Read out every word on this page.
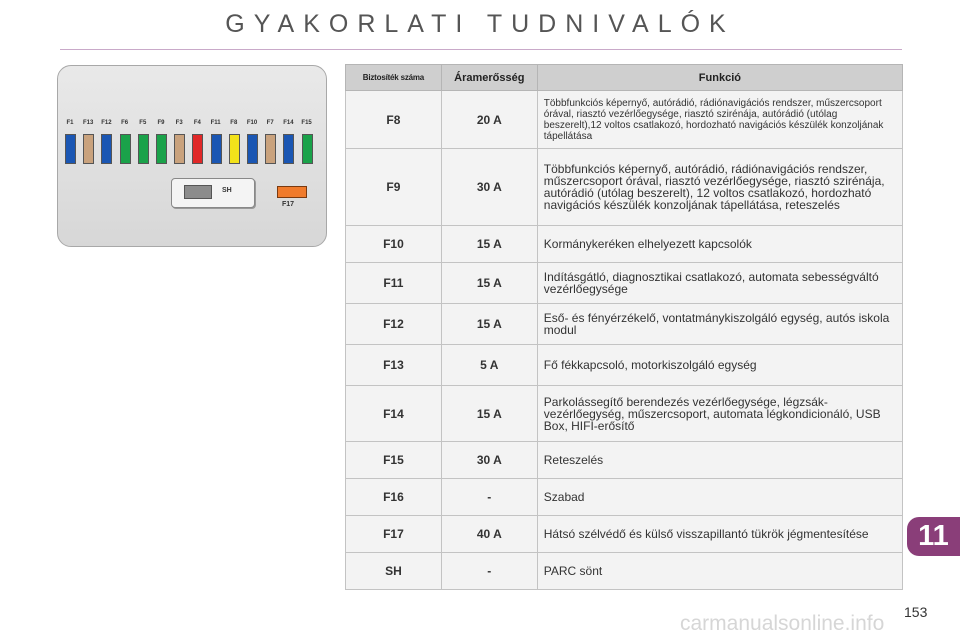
GYAKORLATI TUDNIVALÓK
SH
F17
F1	F13	F12	F6	F5	F9	F3	F4	F11	F8	F10	F7	F14	F15
Biztosíték száma	Áramerősség	Funkció
F8	20 A	Többfunkciós képernyő, autórádió, rádiónavigációs rendszer, műszercsoport órával, riasztó vezérlőegysége, riasztó szirénája, autórádió (utólag beszerelt),12 voltos csatlakozó, hordozható navigációs készülék konzoljának tápellátása
F9	30 A	Többfunkciós képernyő, autórádió, rádiónavigációs rendszer, műszercsoport órával, riasztó vezérlőegysége, riasztó szirénája, autórádió (utólag beszerelt), 12 voltos csatlakozó, hordozható navigációs készülék konzoljának tápellátása, reteszelés
F10	15 A	Kormánykeréken elhelyezett kapcsolók
F11	15 A	Indításgátló, diagnosztikai csatlakozó, automata sebességváltó vezérlőegysége
F12	15 A	Eső- és fényérzékelő, vontatmánykiszolgáló egység, autós iskola modul
F13	5 A	Fő fékkapcsoló, motorkiszolgáló egység
F14	15 A	Parkolássegítő berendezés vezérlőegysége, légzsák-vezérlőegység, műszercsoport, automata légkondicionáló, USB Box, HIFI-erősítő
F15	30 A	Reteszelés
F16	-	Szabad
F17	40 A	Hátsó szélvédő és külső visszapillantó tükrök jégmentesítése
SH	-	PARC sönt
11
153
carmanualsonline.info
